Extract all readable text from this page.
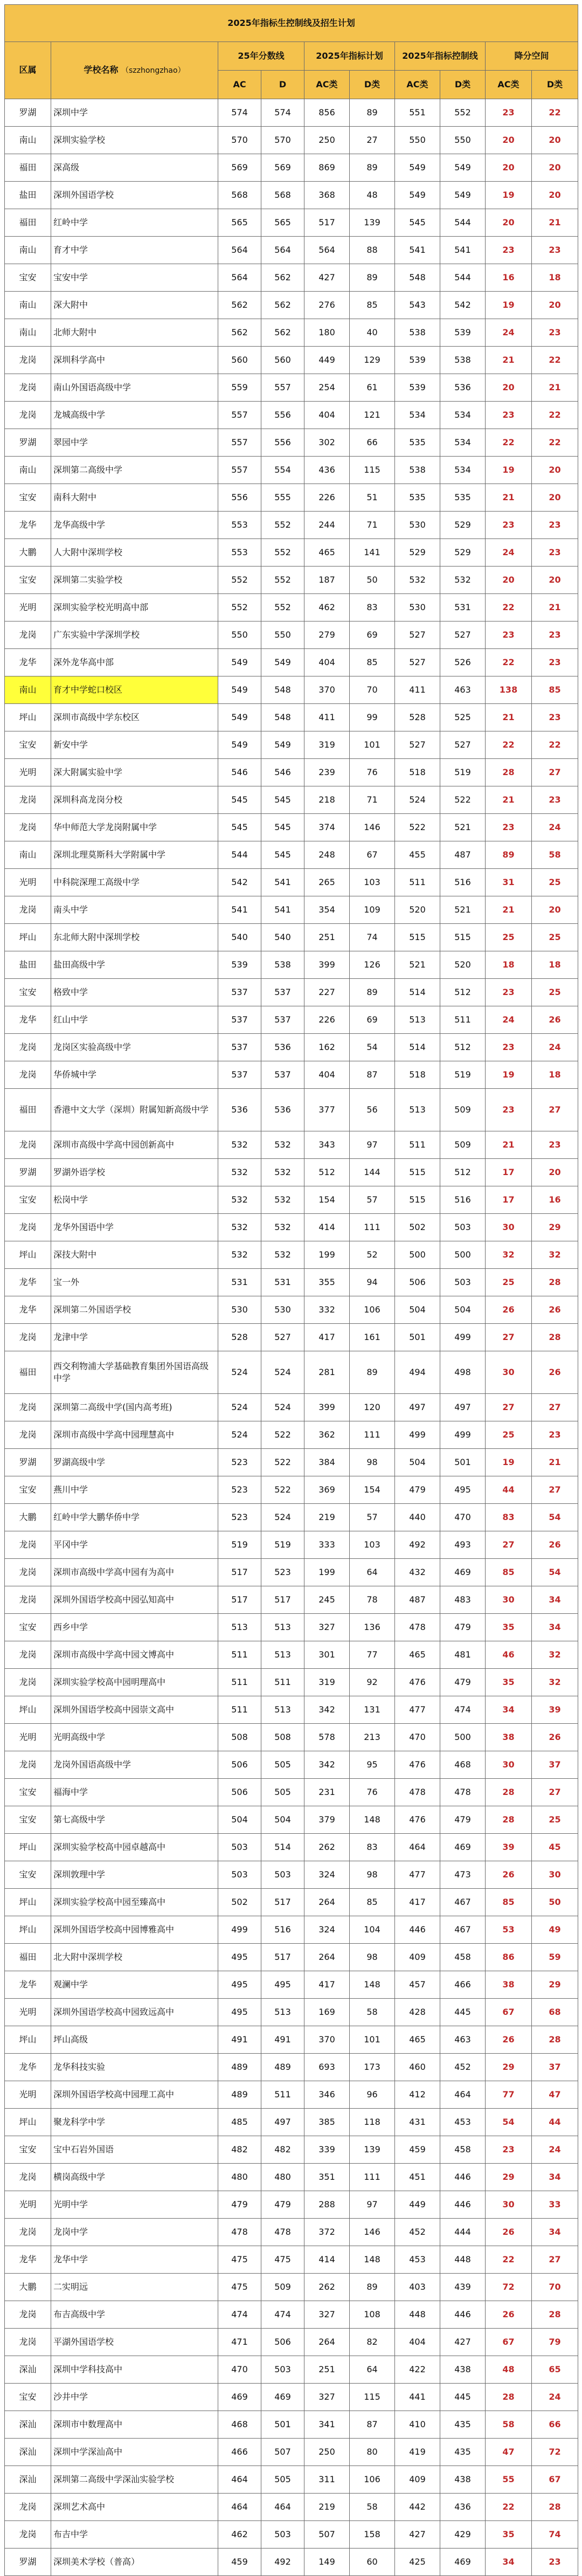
2025年指标生控制线及招生计划									
区属	学校名称 （szzhongzhao）	25年分数线		2025年指标计划		2025年指标控制线		降分空间	
		AC	D	AC类	D类	AC类	D类	AC类	D类
罗湖	深圳中学	574	574	856	89	551	552	23	22
南山	深圳实验学校	570	570	250	27	550	550	20	20
福田	深高级	569	569	869	89	549	549	20	20
盐田	深圳外国语学校	568	568	368	48	549	549	19	20
福田	红岭中学	565	565	517	139	545	544	20	21
南山	育才中学	564	564	564	88	541	541	23	23
宝安	宝安中学	564	562	427	89	548	544	16	18
南山	深大附中	562	562	276	85	543	542	19	20
南山	北师大附中	562	562	180	40	538	539	24	23
龙岗	深圳科学高中	560	560	449	129	539	538	21	22
龙岗	南山外国语高级中学	559	557	254	61	539	536	20	21
龙岗	龙城高级中学	557	556	404	121	534	534	23	22
罗湖	翠园中学	557	556	302	66	535	534	22	22
南山	深圳第二高级中学	557	554	436	115	538	534	19	20
宝安	南科大附中	556	555	226	51	535	535	21	20
龙华	龙华高级中学	553	552	244	71	530	529	23	23
大鹏	人大附中深圳学校	553	552	465	141	529	529	24	23
宝安	深圳第二实验学校	552	552	187	50	532	532	20	20
光明	深圳实验学校光明高中部	552	552	462	83	530	531	22	21
龙岗	广东实验中学深圳学校	550	550	279	69	527	527	23	23
龙华	深外龙华高中部	549	549	404	85	527	526	22	23
南山	育才中学蛇口校区	549	548	370	70	411	463	138	85
坪山	深圳市高级中学东校区	549	548	411	99	528	525	21	23
宝安	新安中学	549	549	319	101	527	527	22	22
光明	深大附属实验中学	546	546	239	76	518	519	28	27
龙岗	深圳科高龙岗分校	545	545	218	71	524	522	21	23
龙岗	华中师范大学龙岗附属中学	545	545	374	146	522	521	23	24
南山	深圳北理莫斯科大学附属中学	544	545	248	67	455	487	89	58
光明	中科院深理工高级中学	542	541	265	103	511	516	31	25
龙岗	南头中学	541	541	354	109	520	521	21	20
坪山	东北师大附中深圳学校	540	540	251	74	515	515	25	25
盐田	盐田高级中学	539	538	399	126	521	520	18	18
宝安	格致中学	537	537	227	89	514	512	23	25
龙华	红山中学	537	537	226	69	513	511	24	26
龙岗	龙岗区实验高级中学	537	536	162	54	514	512	23	24
龙岗	华侨城中学	537	537	404	87	518	519	19	18
福田	香港中文大学（深圳）附属知新高级中学	536	536	377	56	513	509	23	27
龙岗	深圳市高级中学高中园创新高中	532	532	343	97	511	509	21	23
罗湖	罗湖外语学校	532	532	512	144	515	512	17	20
宝安	松岗中学	532	532	154	57	515	516	17	16
龙岗	龙华外国语中学	532	532	414	111	502	503	30	29
坪山	深技大附中	532	532	199	52	500	500	32	32
龙华	宝一外	531	531	355	94	506	503	25	28
龙华	深圳第二外国语学校	530	530	332	106	504	504	26	26
龙岗	龙津中学	528	527	417	161	501	499	27	28
福田	西交利物浦大学基础教育集团外国语高级中学	524	524	281	89	494	498	30	26
龙岗	深圳第二高级中学(国内高考班)	524	524	399	120	497	497	27	27
龙岗	深圳市高级中学高中园理慧高中	524	522	362	111	499	499	25	23
罗湖	罗湖高级中学	523	522	384	98	504	501	19	21
宝安	燕川中学	523	522	369	154	479	495	44	27
大鹏	红岭中学大鹏华侨中学	523	524	219	57	440	470	83	54
龙岗	平冈中学	519	519	333	103	492	493	27	26
龙岗	深圳市高级中学高中园有为高中	517	523	199	64	432	469	85	54
龙岗	深圳外国语学校高中园弘知高中	517	517	245	78	487	483	30	34
宝安	西乡中学	513	513	327	136	478	479	35	34
龙岗	深圳市高级中学高中园文博高中	511	513	301	77	465	481	46	32
龙岗	深圳实验学校高中园明理高中	511	511	319	92	476	479	35	32
坪山	深圳外国语学校高中园崇文高中	511	513	342	131	477	474	34	39
光明	光明高级中学	508	508	578	213	470	500	38	26
龙岗	龙岗外国语高级中学	506	505	342	95	476	468	30	37
宝安	福海中学	506	505	231	76	478	478	28	27
宝安	第七高级中学	504	504	379	148	476	479	28	25
坪山	深圳实验学校高中园卓越高中	503	514	262	83	464	469	39	45
宝安	深圳敦理中学	503	503	324	98	477	473	26	30
坪山	深圳实验学校高中园至臻高中	502	517	264	85	417	467	85	50
坪山	深圳外国语学校高中园博雅高中	499	516	324	104	446	467	53	49
福田	北大附中深圳学校	495	517	264	98	409	458	86	59
龙华	观澜中学	495	495	417	148	457	466	38	29
光明	深圳外国语学校高中园致远高中	495	513	169	58	428	445	67	68
坪山	坪山高级	491	491	370	101	465	463	26	28
龙华	龙华科技实验	489	489	693	173	460	452	29	37
光明	深圳外国语学校高中园理工高中	489	511	346	96	412	464	77	47
坪山	聚龙科学中学	485	497	385	118	431	453	54	44
宝安	宝中石岩外国语	482	482	339	139	459	458	23	24
龙岗	横岗高级中学	480	480	351	111	451	446	29	34
光明	光明中学	479	479	288	97	449	446	30	33
龙岗	龙岗中学	478	478	372	146	452	444	26	34
龙华	龙华中学	475	475	414	148	453	448	22	27
大鹏	二实明远	475	509	262	89	403	439	72	70
龙岗	布吉高级中学	474	474	327	108	448	446	26	28
龙岗	平湖外国语学校	471	506	264	82	404	427	67	79
深汕	深圳中学科技高中	470	503	251	64	422	438	48	65
宝安	沙井中学	469	469	327	115	441	445	28	24
深汕	深圳市中数理高中	468	501	341	87	410	435	58	66
深汕	深圳中学深汕高中	466	507	250	80	419	435	47	72
深汕	深圳第二高级中学深汕实验学校	464	505	311	106	409	438	55	67
龙岗	深圳艺术高中	464	464	219	58	442	436	22	28
龙岗	布吉中学	462	503	507	158	427	429	35	74
罗湖	深圳美术学校（普高）	459	492	149	60	425	469	34	23
